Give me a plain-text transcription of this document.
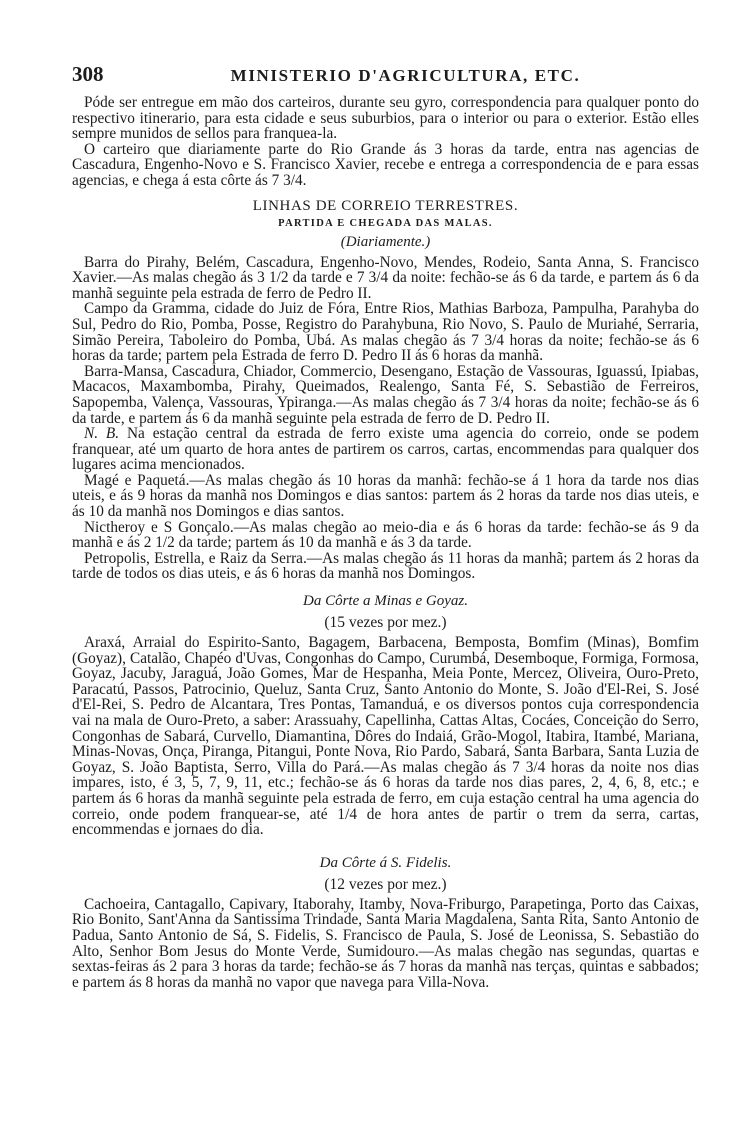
308	MINISTERIO D'AGRICULTURA, ETC.

Póde ser entregue em mão dos carteiros, durante seu gyro, correspondencia para qualquer ponto do respectivo itinerario, para esta cidade e seus suburbios, para o interior ou para o exterior. Estão elles sempre munidos de sellos para franquea-la.

O carteiro que diariamente parte do Rio Grande ás 3 horas da tarde, entra nas agencias de Cascadura, Engenho-Novo e S. Francisco Xavier, recebe e entrega a correspondencia de e para essas agencias, e chega á esta côrte ás 7 3/4.

LINHAS DE CORREIO TERRESTRES.
PARTIDA E CHEGADA DAS MALAS.
(Diariamente.)

Barra do Pirahy, Belém, Cascadura, Engenho-Novo, Mendes, Rodeio, Santa Anna, S. Francisco Xavier.—As malas chegão ás 3 1/2 da tarde e 7 3/4 da noite: fechão-se ás 6 da tarde, e partem ás 6 da manhã seguinte pela estrada de ferro de Pedro II.

Campo da Gramma, cidade do Juiz de Fóra, Entre Rios, Mathias Barboza, Pampulha, Parahyba do Sul, Pedro do Rio, Pomba, Posse, Registro do Parahybuna, Rio Novo, S. Paulo de Muriahé, Serraria, Simão Pereira, Taboleiro do Pomba, Ubá. As malas chegão ás 7 3/4 horas da noite; fechão-se ás 6 horas da tarde; partem pela Estrada de ferro D. Pedro II ás 6 horas da manhã.

Barra-Mansa, Cascadura, Chiador, Commercio, Desengano, Estação de Vassouras, Iguassú, Ipiabas, Macacos, Maxambomba, Pirahy, Queimados, Realengo, Santa Fé, S. Sebastião de Ferreiros, Sapopemba, Valença, Vassouras, Ypiranga.—As malas chegão ás 7 3/4 horas da noite; fechão-se ás 6 da tarde, e partem ás 6 da manhã seguinte pela estrada de ferro de D. Pedro II.

N. B. Na estação central da estrada de ferro existe uma agencia do correio, onde se podem franquear, até um quarto de hora antes de partirem os carros, cartas, encommendas para qualquer dos lugares acima mencionados.

Magé e Paquetá.—As malas chegão ás 10 horas da manhã: fechão-se á 1 hora da tarde nos dias uteis, e ás 9 horas da manhã nos Domingos e dias santos: partem ás 2 horas da tarde nos dias uteis, e ás 10 da manhã nos Domingos e dias santos.

Nictheroy e S Gonçalo.—As malas chegão ao meio-dia e ás 6 horas da tarde: fechão-se ás 9 da manhã e ás 2 1/2 da tarde; partem ás 10 da manhã e ás 3 da tarde.

Petropolis, Estrella, e Raiz da Serra.—As malas chegão ás 11 horas da manhã; partem ás 2 horas da tarde de todos os dias uteis, e ás 6 horas da manhã nos Domingos.

Da Côrte a Minas e Goyaz.
(15 vezes por mez.)

Araxá, Arraial do Espirito-Santo, Bagagem, Barbacena, Bemposta, Bomfim (Minas), Bomfim (Goyaz), Catalão, Chapéo d'Uvas, Congonhas do Campo, Curumbá, Desemboque, Formiga, Formosa, Goyaz, Jacuby, Jaraguá, João Gomes, Mar de Hespanha, Meia Ponte, Mercez, Oliveira, Ouro-Preto, Paracatú, Passos, Patrocinio, Queluz, Santa Cruz, Santo Antonio do Monte, S. João d'El-Rei, S. José d'El-Rei, S. Pedro de Alcantara, Tres Pontas, Tamanduá, e os diversos pontos cuja correspondencia vai na mala de Ouro-Preto, a saber: Arassuahy, Capellinha, Cattas Altas, Cocáes, Conceição do Serro, Congonhas de Sabará, Curvello, Diamantina, Dôres do Indaiá, Grão-Mogol, Itabira, Itambé, Mariana, Minas-Novas, Onça, Piranga, Pitangui, Ponte Nova, Rio Pardo, Sabará, Santa Barbara, Santa Luzia de Goyaz, S. João Baptista, Serro, Villa do Pará.—As malas chegão ás 7 3/4 horas da noite nos dias impares, isto, é 3, 5, 7, 9, 11, etc.; fechão-se ás 6 horas da tarde nos dias pares, 2, 4, 6, 8, etc.; e partem ás 6 horas da manhã seguinte pela estrada de ferro, em cuja estação central ha uma agencia do correio, onde podem franquear-se, até 1/4 de hora antes de partir o trem da serra, cartas, encommendas e jornaes do dia.

Da Côrte á S. Fidelis.
(12 vezes por mez.)

Cachoeira, Cantagallo, Capivary, Itaborahy, Itamby, Nova-Friburgo, Parapetinga, Porto das Caixas, Rio Bonito, Sant'Anna da Santissima Trindade, Santa Maria Magdalena, Santa Rita, Santo Antonio de Padua, Santo Antonio de Sá, S. Fidelis, S. Francisco de Paula, S. José de Leonissa, S. Sebastião do Alto, Senhor Bom Jesus do Monte Verde, Sumidouro.—As malas chegão nas segundas, quartas e sextas-feiras ás 2 para 3 horas da tarde; fechão-se ás 7 horas da manhã nas terças, quintas e sabbados; e partem ás 8 horas da manhã no vapor que navega para Villa-Nova.
